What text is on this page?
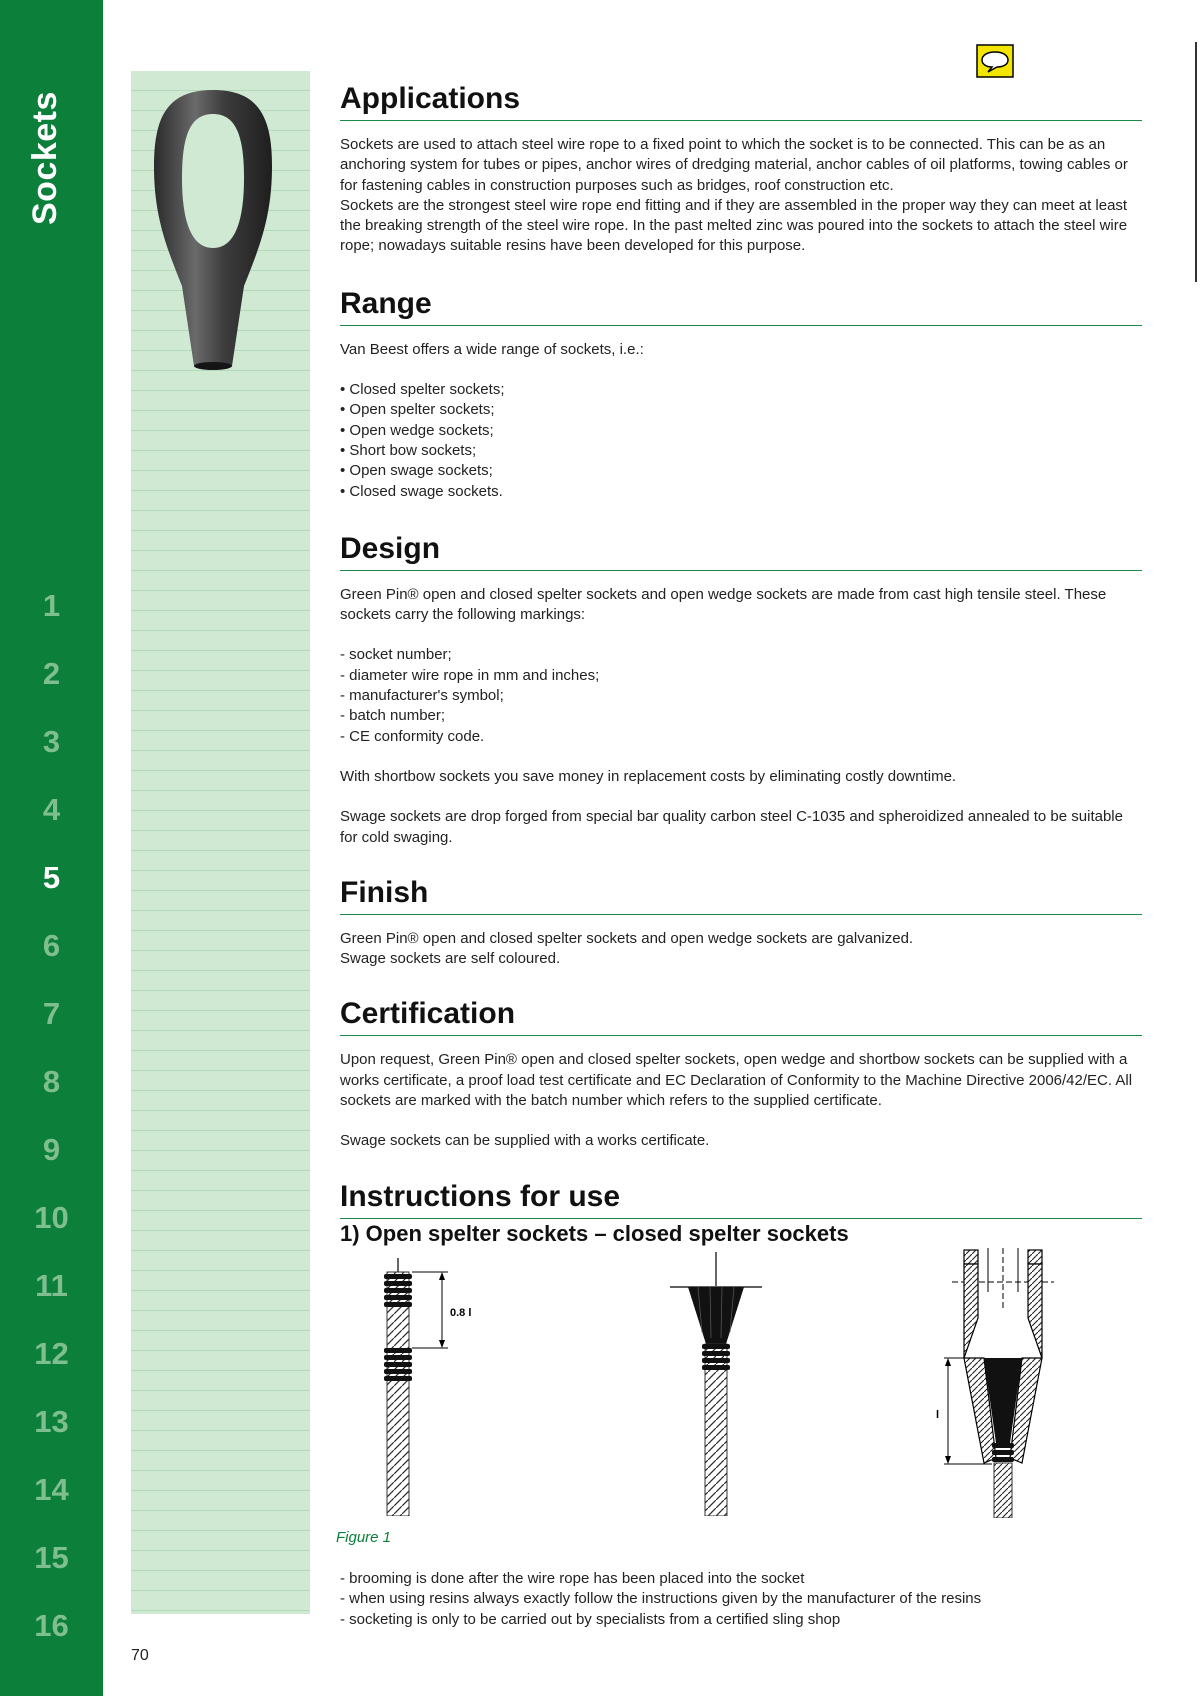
Sockets
1
2
3
4
5
6
7
8
9
10
11
12
13
14
15
16
Applications

Sockets are used to attach steel wire rope to a fixed point to which the socket is to be connected. This can be as an anchoring system for tubes or pipes, anchor wires of dredging material, anchor cables of oil platforms, towing cables or for fastening cables in construction purposes such as bridges, roof construction etc.

Sockets are the strongest steel wire rope end fitting and if they are assembled in the proper way they can meet at least the breaking strength of the steel wire rope. In the past melted zinc was poured into the sockets to attach the steel wire rope; nowadays suitable resins have been developed for this purpose.

Range

Van Beest offers a wide range of sockets, i.e.:

• Closed spelter sockets;

• Open spelter sockets;

• Open wedge sockets;

• Short bow sockets;

• Open swage sockets;

• Closed swage sockets.

Design

Green Pin® open and closed spelter sockets and open wedge sockets are made from cast high tensile steel. These sockets carry the following markings:

- socket number;

- diameter wire rope in mm and inches;

- manufacturer's symbol;

- batch number;

- CE conformity code.

With shortbow sockets you save money in replacement costs by eliminating costly downtime.

Swage sockets are drop forged from special bar quality carbon steel C-1035 and spheroidized annealed to be suitable for cold swaging.

Finish

Green Pin® open and closed spelter sockets and open wedge sockets are galvanized.

Swage sockets are self coloured.

Certification

Upon request, Green Pin® open and closed spelter sockets, open wedge and shortbow sockets can be supplied with a works certificate, a proof load test certificate and EC Declaration of Conformity to the Machine Directive 2006/42/EC. All sockets are marked with the batch number which refers to the supplied certificate.

Swage sockets can be supplied with a works certificate.

Instructions for use
1) Open spelter sockets – closed spelter sockets
0.8 l
l
Figure 1

- brooming is done after the wire rope has been placed into the socket

- when using resins always exactly follow the instructions given by the manufacturer of the resins

- socketing is only to be carried out by specialists from a certified sling shop

70
